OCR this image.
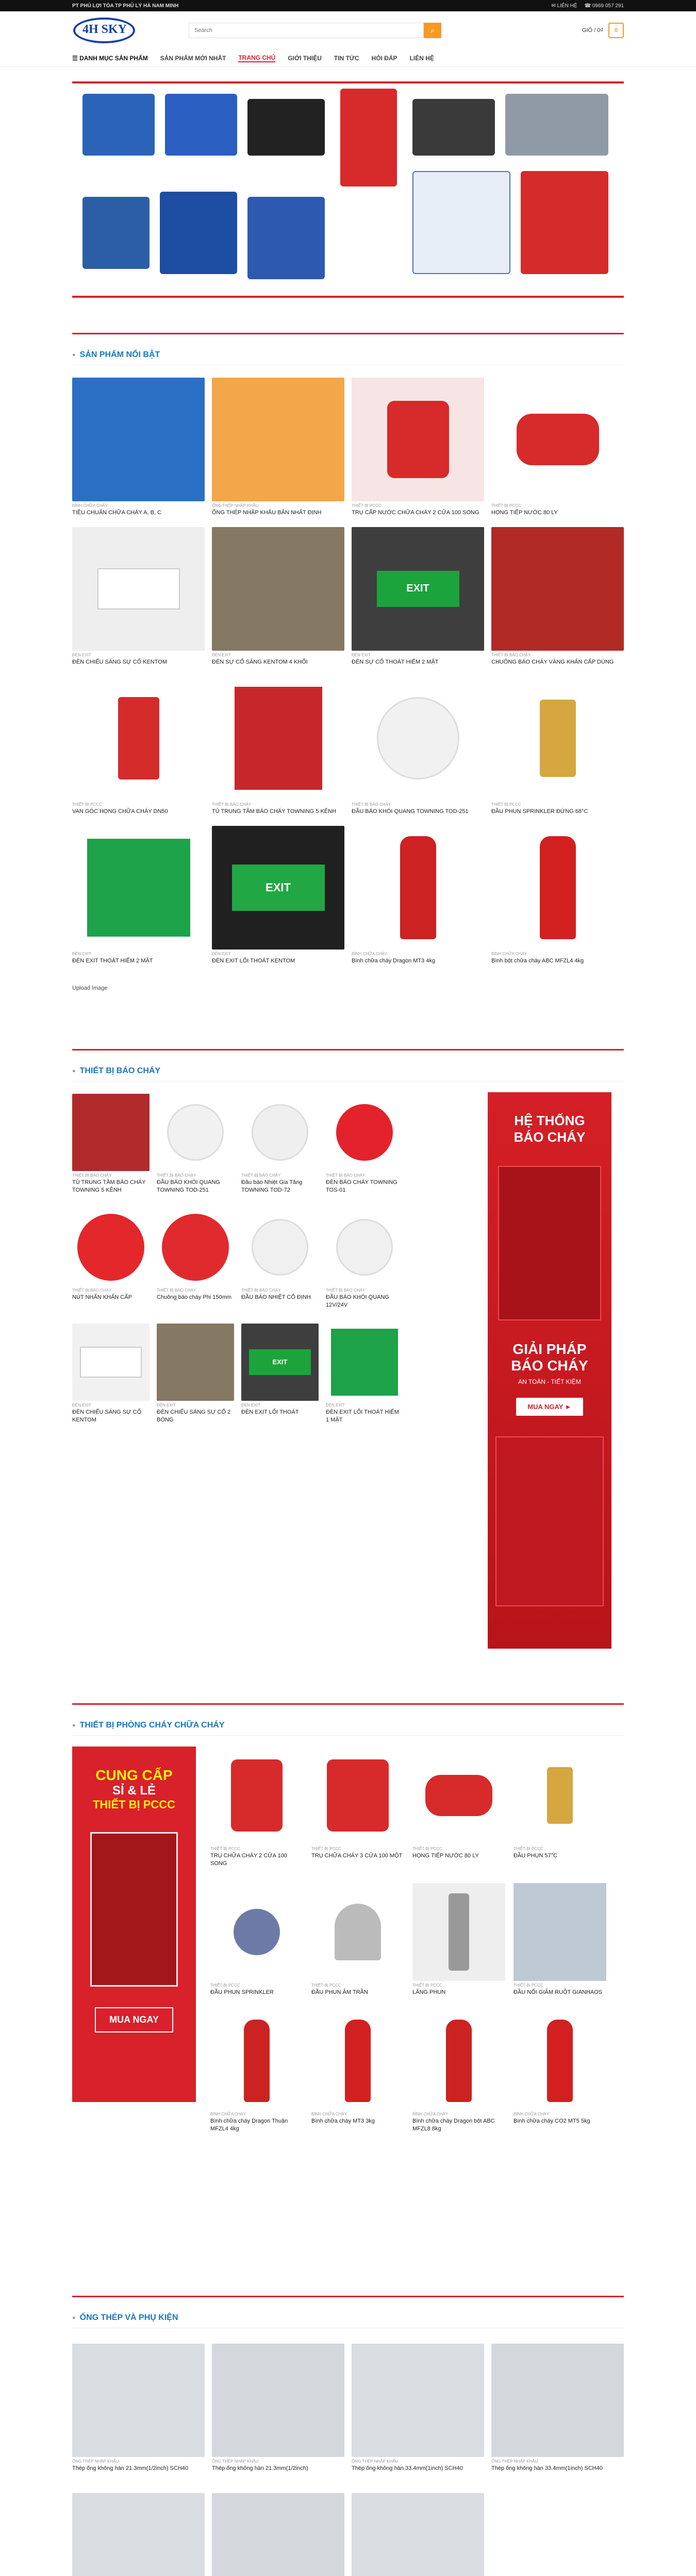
PT PHÚ LỢI TÒA TP PHỦ LÝ HÀ NAM MINH	✉ LIÊN HỆ ☎ 0969 057 291
4H SKY
Search	⌕	GIỎ / 0₫ 0
☰ DANH MỤC SẢN PHẨM SẢN PHẨM MỚI NHẤT TRANG CHỦ GIỚI THIỆU TIN TỨC HỎI ĐÁP LIÊN HỆ
● SẢN PHẨM NỔI BẬT
BÌNH CHỮA CHÁY
TIÊU CHUẨN CHỮA CHÁY A, B, C
ỐNG THÉP NHẬP KHẨU
ỐNG THÉP NHẬP KHẨU BẢN NHẤT ĐỊNH
THIẾT BỊ PCCC
TRỤ CẤP NƯỚC CHỮA CHÁY 2 CỬA 100 SONG
THIẾT BỊ PCCC
HỌNG TIẾP NƯỚC 80 LY
ĐÈN EXIT
ĐÈN CHIẾU SÁNG SỰ CỐ KENTOM
ĐÈN EXIT
ĐÈN SỰ CỐ SÁNG KENTOM 4 KHỐI
EXIT
ĐÈN EXIT
ĐÈN SỰ CỐ THOÁT HIỂM 2 MẶT
THIẾT BỊ BÁO CHÁY
CHUÔNG BÁO CHÁY VÀNG KHẨN CẤP DÙNG
THIẾT BỊ PCCC
VAN GÓC HỌNG CHỮA CHÁY DN50
THIẾT BỊ BÁO CHÁY
TỦ TRUNG TÂM BÁO CHÁY TOWNING 5 KÊNH
THIẾT BỊ BÁO CHÁY
ĐẦU BÁO KHÓI QUANG TOWNING TOD-251
THIẾT BỊ PCCC
ĐẦU PHUN SPRINKLER ĐỨNG 68°C
ĐÈN EXIT
ĐÈN EXIT THOÁT HIỂM 2 MẶT
EXIT
ĐÈN EXIT
ĐÈN EXIT LỐI THOÁT KENTOM
BÌNH CHỮA CHÁY
Bình chữa cháy Dragon MT3 4kg
BÌNH CHỮA CHÁY
Bình bột chữa cháy ABC MFZL4 4kg
Upload Image
● THIẾT BỊ BÁO CHÁY
THIẾT BỊ BÁO CHÁY
TỦ TRUNG TÂM BÁO CHÁY TOWNING 5 KÊNH
THIẾT BỊ BÁO CHÁY
ĐẦU BÁO KHÓI QUANG TOWNING TOD-251
THIẾT BỊ BÁO CHÁY
Đầu báo Nhiệt Gia Tăng TOWNING TOD-72
THIẾT BỊ BÁO CHÁY
ĐÈN BÁO CHÁY TOWNING TOS-01
THIẾT BỊ BÁO CHÁY
NÚT NHẤN KHẨN CẤP
THIẾT BỊ BÁO CHÁY
Chuông báo cháy Phi 150mm
THIẾT BỊ BÁO CHÁY
ĐẦU BÁO NHIỆT CỐ ĐỊNH
THIẾT BỊ BÁO CHÁY
ĐẦU BÁO KHÓI QUANG 12V/24V
ĐÈN EXIT
ĐÈN CHIẾU SÁNG SỰ CỐ KENTOM
ĐÈN EXIT
ĐÈN CHIẾU SÁNG SỰ CỐ 2 BÓNG
EXIT
ĐÈN EXIT
ĐÈN EXIT LỐI THOÁT
ĐÈN EXIT
ĐÈN EXIT LỐI THOÁT HIỂM 1 MẶT
HỆ THỐNG BÁO CHÁY
GIẢI PHÁP BÁO CHÁY
AN TOÀN - TIẾT KIỆM
MUA NGAY ►
● THIẾT BỊ PHÒNG CHÁY CHỮA CHÁY
CUNG CẤP
SỈ & LẺ
THIẾT BỊ PCCC
MUA NGAY
THIẾT BỊ PCCC
TRỤ CHỮA CHÁY 2 CỬA 100 SONG
THIẾT BỊ PCCC
TRỤ CHỮA CHÁY 3 CỬA 100 MỘT
THIẾT BỊ PCCC
HỌNG TIẾP NƯỚC 80 LY
THIẾT BỊ PCCC
ĐẦU PHUN 57°C
THIẾT BỊ PCCC
ĐẦU PHUN SPRINKLER
THIẾT BỊ PCCC
ĐẦU PHUN ÂM TRẦN
THIẾT BỊ PCCC
LĂNG PHUN
THIẾT BỊ PCCC
ĐẦU NỐI GIẢM RUỘT GIANHAOS
BÌNH CHỮA CHÁY
Bình chữa cháy Dragon Thuận MFZL4 4kg
BÌNH CHỮA CHÁY
Bình chữa cháy MT3 3kg
BÌNH CHỮA CHÁY
Bình chữa cháy Dragon bột ABC MFZL8 8kg
BÌNH CHỮA CHÁY
Bình chữa cháy CO2 MT5 5kg
● ỐNG THÉP VÀ PHỤ KIỆN
ỐNG THÉP NHẬP KHẨU
Thép ống không hàn 21.3mm(1/2inch) SCH40
ỐNG THÉP NHẬP KHẨU
Thép ống không hàn 21.3mm(1/2inch)
ỐNG THÉP NHẬP KHẨU
Thép ống không hàn 33.4mm(1inch) SCH40
ỐNG THÉP NHẬP KHẨU
Thép ống không hàn 33.4mm(1inch) SCH40
